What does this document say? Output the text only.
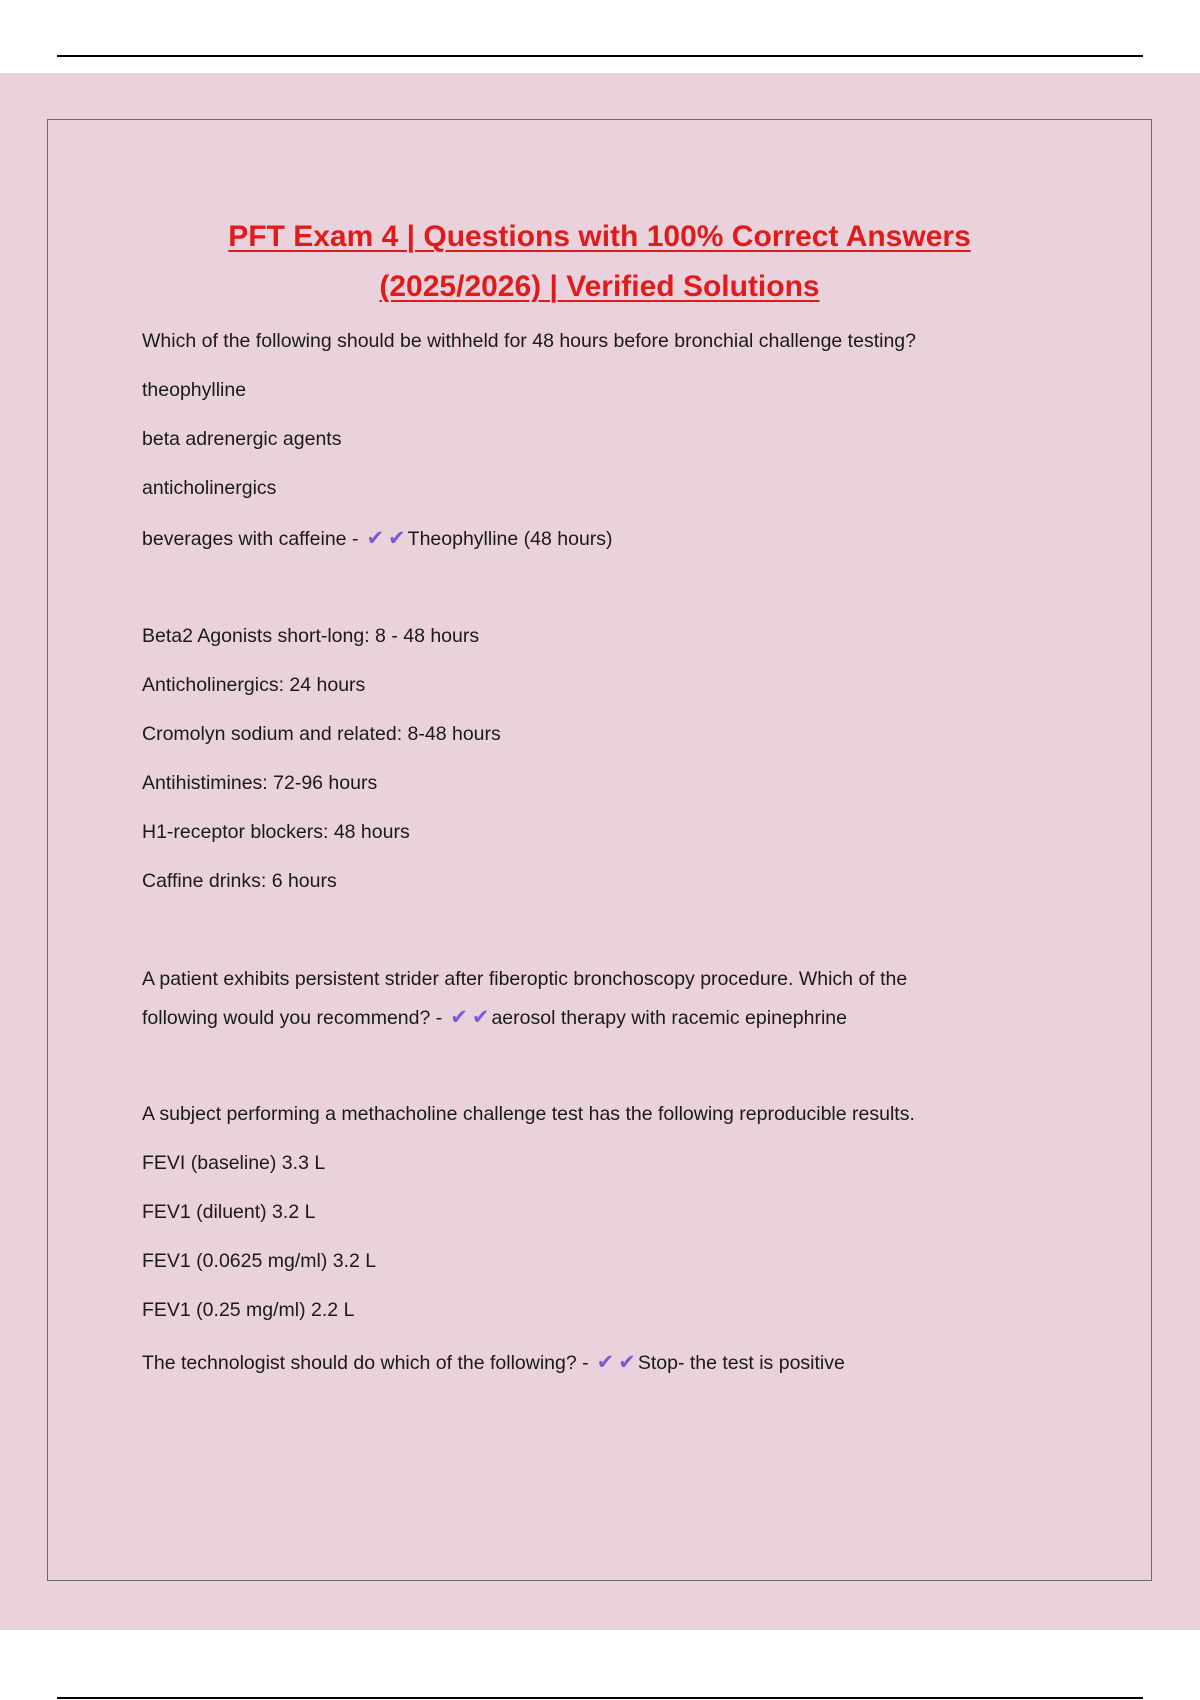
PFT Exam 4 | Questions with 100% Correct Answers
(2025/2026) | Verified Solutions
Which of the following should be withheld for 48 hours before bronchial challenge testing?
theophylline
beta adrenergic agents
anticholinergics
beverages with caffeine - ✔ ✔ Theophylline (48 hours)
Beta2 Agonists short-long: 8 - 48 hours
Anticholinergics: 24 hours
Cromolyn sodium and related: 8-48 hours
Antihistimines: 72-96 hours
H1-receptor blockers: 48 hours
Caffine drinks: 6 hours
A patient exhibits persistent strider after fiberoptic bronchoscopy procedure. Which of the
following would you recommend? - ✔ ✔ aerosol therapy with racemic epinephrine
A subject performing a methacholine challenge test has the following reproducible results.
FEVI (baseline) 3.3 L
FEV1 (diluent) 3.2 L
FEV1 (0.0625 mg/ml) 3.2 L
FEV1 (0.25 mg/ml) 2.2 L
The technologist should do which of the following? - ✔ ✔ Stop- the test is positive
